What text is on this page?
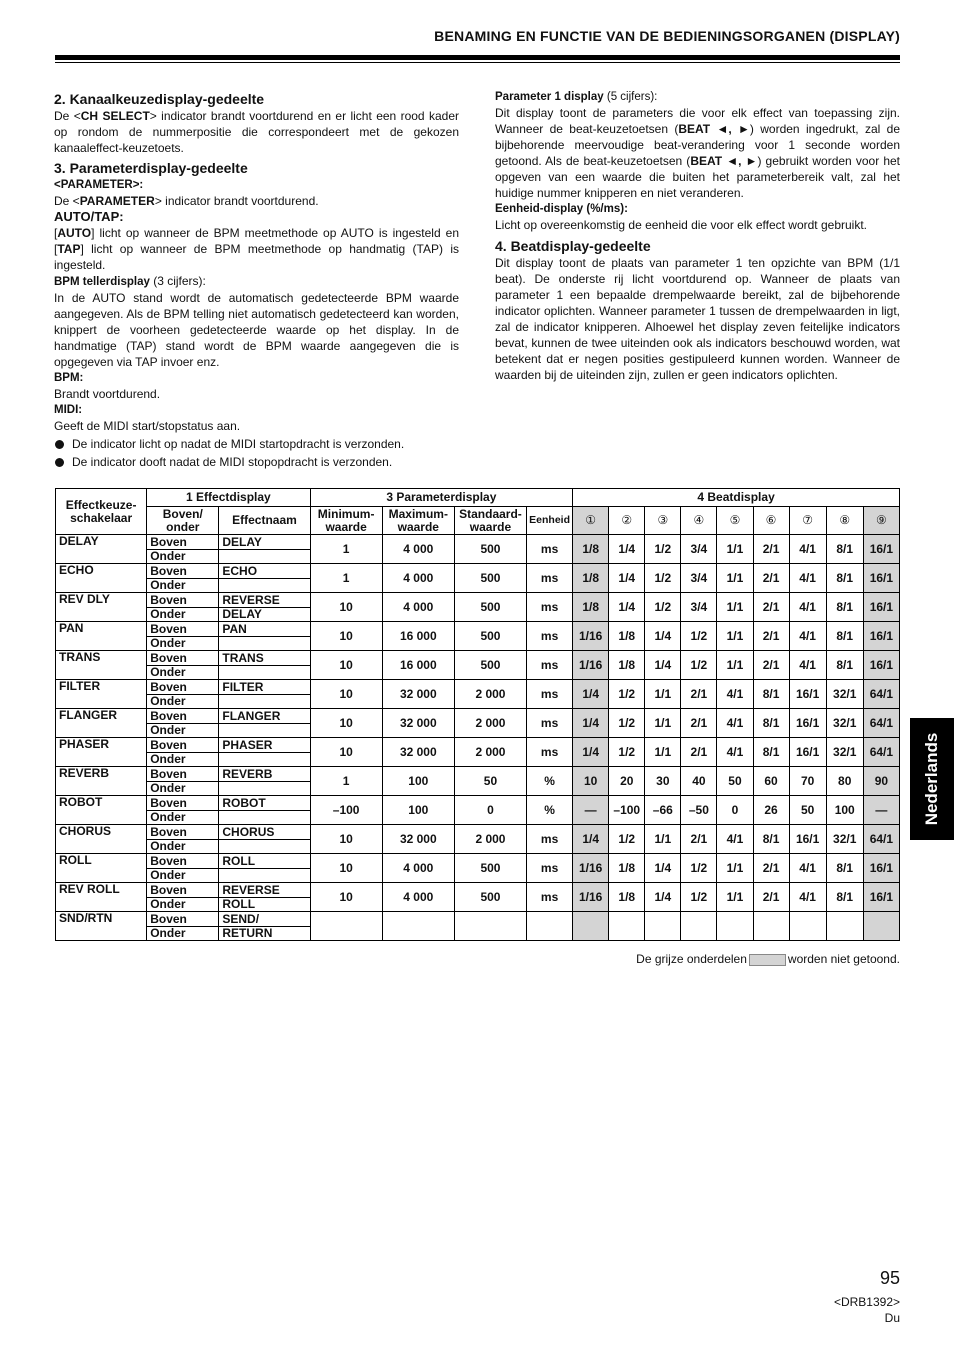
BENAMING EN FUNCTIE VAN DE BEDIENINGSORGANEN (DISPLAY)
2. Kanaalkeuzedisplay-gedeelte

De <CH SELECT> indicator brandt voortdurend en er licht een rood kader op rondom de nummerpositie die correspondeert met de gekozen kanaaleffect-keuzetoets.

3. Parameterdisplay-gedeelte

<PARAMETER>:

De <PARAMETER> indicator brandt voortdurend.

AUTO/TAP:

[AUTO] licht op wanneer de BPM meetmethode op AUTO is ingesteld en [TAP] licht op wanneer de BPM meetmethode op handmatig (TAP) is ingesteld.

BPM tellerdisplay (3 cijfers):

In de AUTO stand wordt de automatisch gedetecteerde BPM waarde aangegeven. Als de BPM telling niet automatisch gedetecteerd kan worden, knippert de voorheen gedetecteerde waarde op het display. In de handmatige (TAP) stand wordt de BPM waarde aangegeven die is opgegeven via TAP invoer enz.

BPM:

Brandt voortdurend.

MIDI:

Geeft de MIDI start/stopstatus aan.

De indicator licht op nadat de MIDI startopdracht is verzonden.

De indicator dooft nadat de MIDI stopopdracht is verzonden.

Parameter 1 display (5 cijfers):

Dit display toont de parameters die voor elk effect van toepassing zijn. Wanneer de beat-keuzetoetsen (BEAT ◄, ►) worden ingedrukt, zal de bijbehorende meervoudige beat-verandering voor 1 seconde worden getoond. Als de beat-keuzetoetsen (BEAT ◄, ►) gebruikt worden voor het opgeven van een waarde die buiten het parameterbereik valt, zal het huidige nummer knipperen en niet veranderen.

Eenheid-display (%/ms):

Licht op overeenkomstig de eenheid die voor elk effect wordt gebruikt.

4. Beatdisplay-gedeelte

Dit display toont de plaats van parameter 1 ten opzichte van BPM (1/1 beat). De onderste rij licht voortdurend op. Wanneer de plaats van parameter 1 een bepaalde drempelwaarde bereikt, zal de bijbehorende indicator oplichten. Wanneer parameter 1 tussen de drempelwaarden in ligt, zal de indicator knipperen. Alhoewel het display zeven feitelijke indicators bevat, kunnen de twee uiteinden ook als indicators beschouwd worden, wat betekent dat er negen posities gestipuleerd kunnen worden. Wanneer de waarden bij de uiteinden zijn, zullen er geen indicators oplichten.

Nederlands
Effectkeuze-schakelaar	1 Effectdisplay		3 Parameterdisplay				4 Beatdisplay								
	Boven/ onder	Effectnaam	Minimum-waarde	Maximum-waarde	Standaard-waarde	Eenheid	①	②	③	④	⑤	⑥	⑦	⑧	⑨
DELAY	Boven	DELAY	1	4 000	500	ms	1/8	1/4	1/2	3/4	1/1	2/1	4/1	8/1	16/1
	Onder														
ECHO	Boven	ECHO	1	4 000	500	ms	1/8	1/4	1/2	3/4	1/1	2/1	4/1	8/1	16/1
	Onder														
REV DLY	Boven	REVERSE	10	4 000	500	ms	1/8	1/4	1/2	3/4	1/1	2/1	4/1	8/1	16/1
	Onder	DELAY													
PAN	Boven	PAN	10	16 000	500	ms	1/16	1/8	1/4	1/2	1/1	2/1	4/1	8/1	16/1
	Onder														
TRANS	Boven	TRANS	10	16 000	500	ms	1/16	1/8	1/4	1/2	1/1	2/1	4/1	8/1	16/1
	Onder														
FILTER	Boven	FILTER	10	32 000	2 000	ms	1/4	1/2	1/1	2/1	4/1	8/1	16/1	32/1	64/1
	Onder														
FLANGER	Boven	FLANGER	10	32 000	2 000	ms	1/4	1/2	1/1	2/1	4/1	8/1	16/1	32/1	64/1
	Onder														
PHASER	Boven	PHASER	10	32 000	2 000	ms	1/4	1/2	1/1	2/1	4/1	8/1	16/1	32/1	64/1
	Onder														
REVERB	Boven	REVERB	1	100	50	%	10	20	30	40	50	60	70	80	90
	Onder														
ROBOT	Boven	ROBOT	–100	100	0	%	—	–100	–66	–50	0	26	50	100	—
	Onder														
CHORUS	Boven	CHORUS	10	32 000	2 000	ms	1/4	1/2	1/1	2/1	4/1	8/1	16/1	32/1	64/1
	Onder														
ROLL	Boven	ROLL	10	4 000	500	ms	1/16	1/8	1/4	1/2	1/1	2/1	4/1	8/1	16/1
	Onder														
REV ROLL	Boven	REVERSE	10	4 000	500	ms	1/16	1/8	1/4	1/2	1/1	2/1	4/1	8/1	16/1
	Onder	ROLL													
SND/RTN	Boven	SEND/													
	Onder	RETURN													
De grijze onderdelen	worden niet getoond.
95
<DRB1392>
Du
